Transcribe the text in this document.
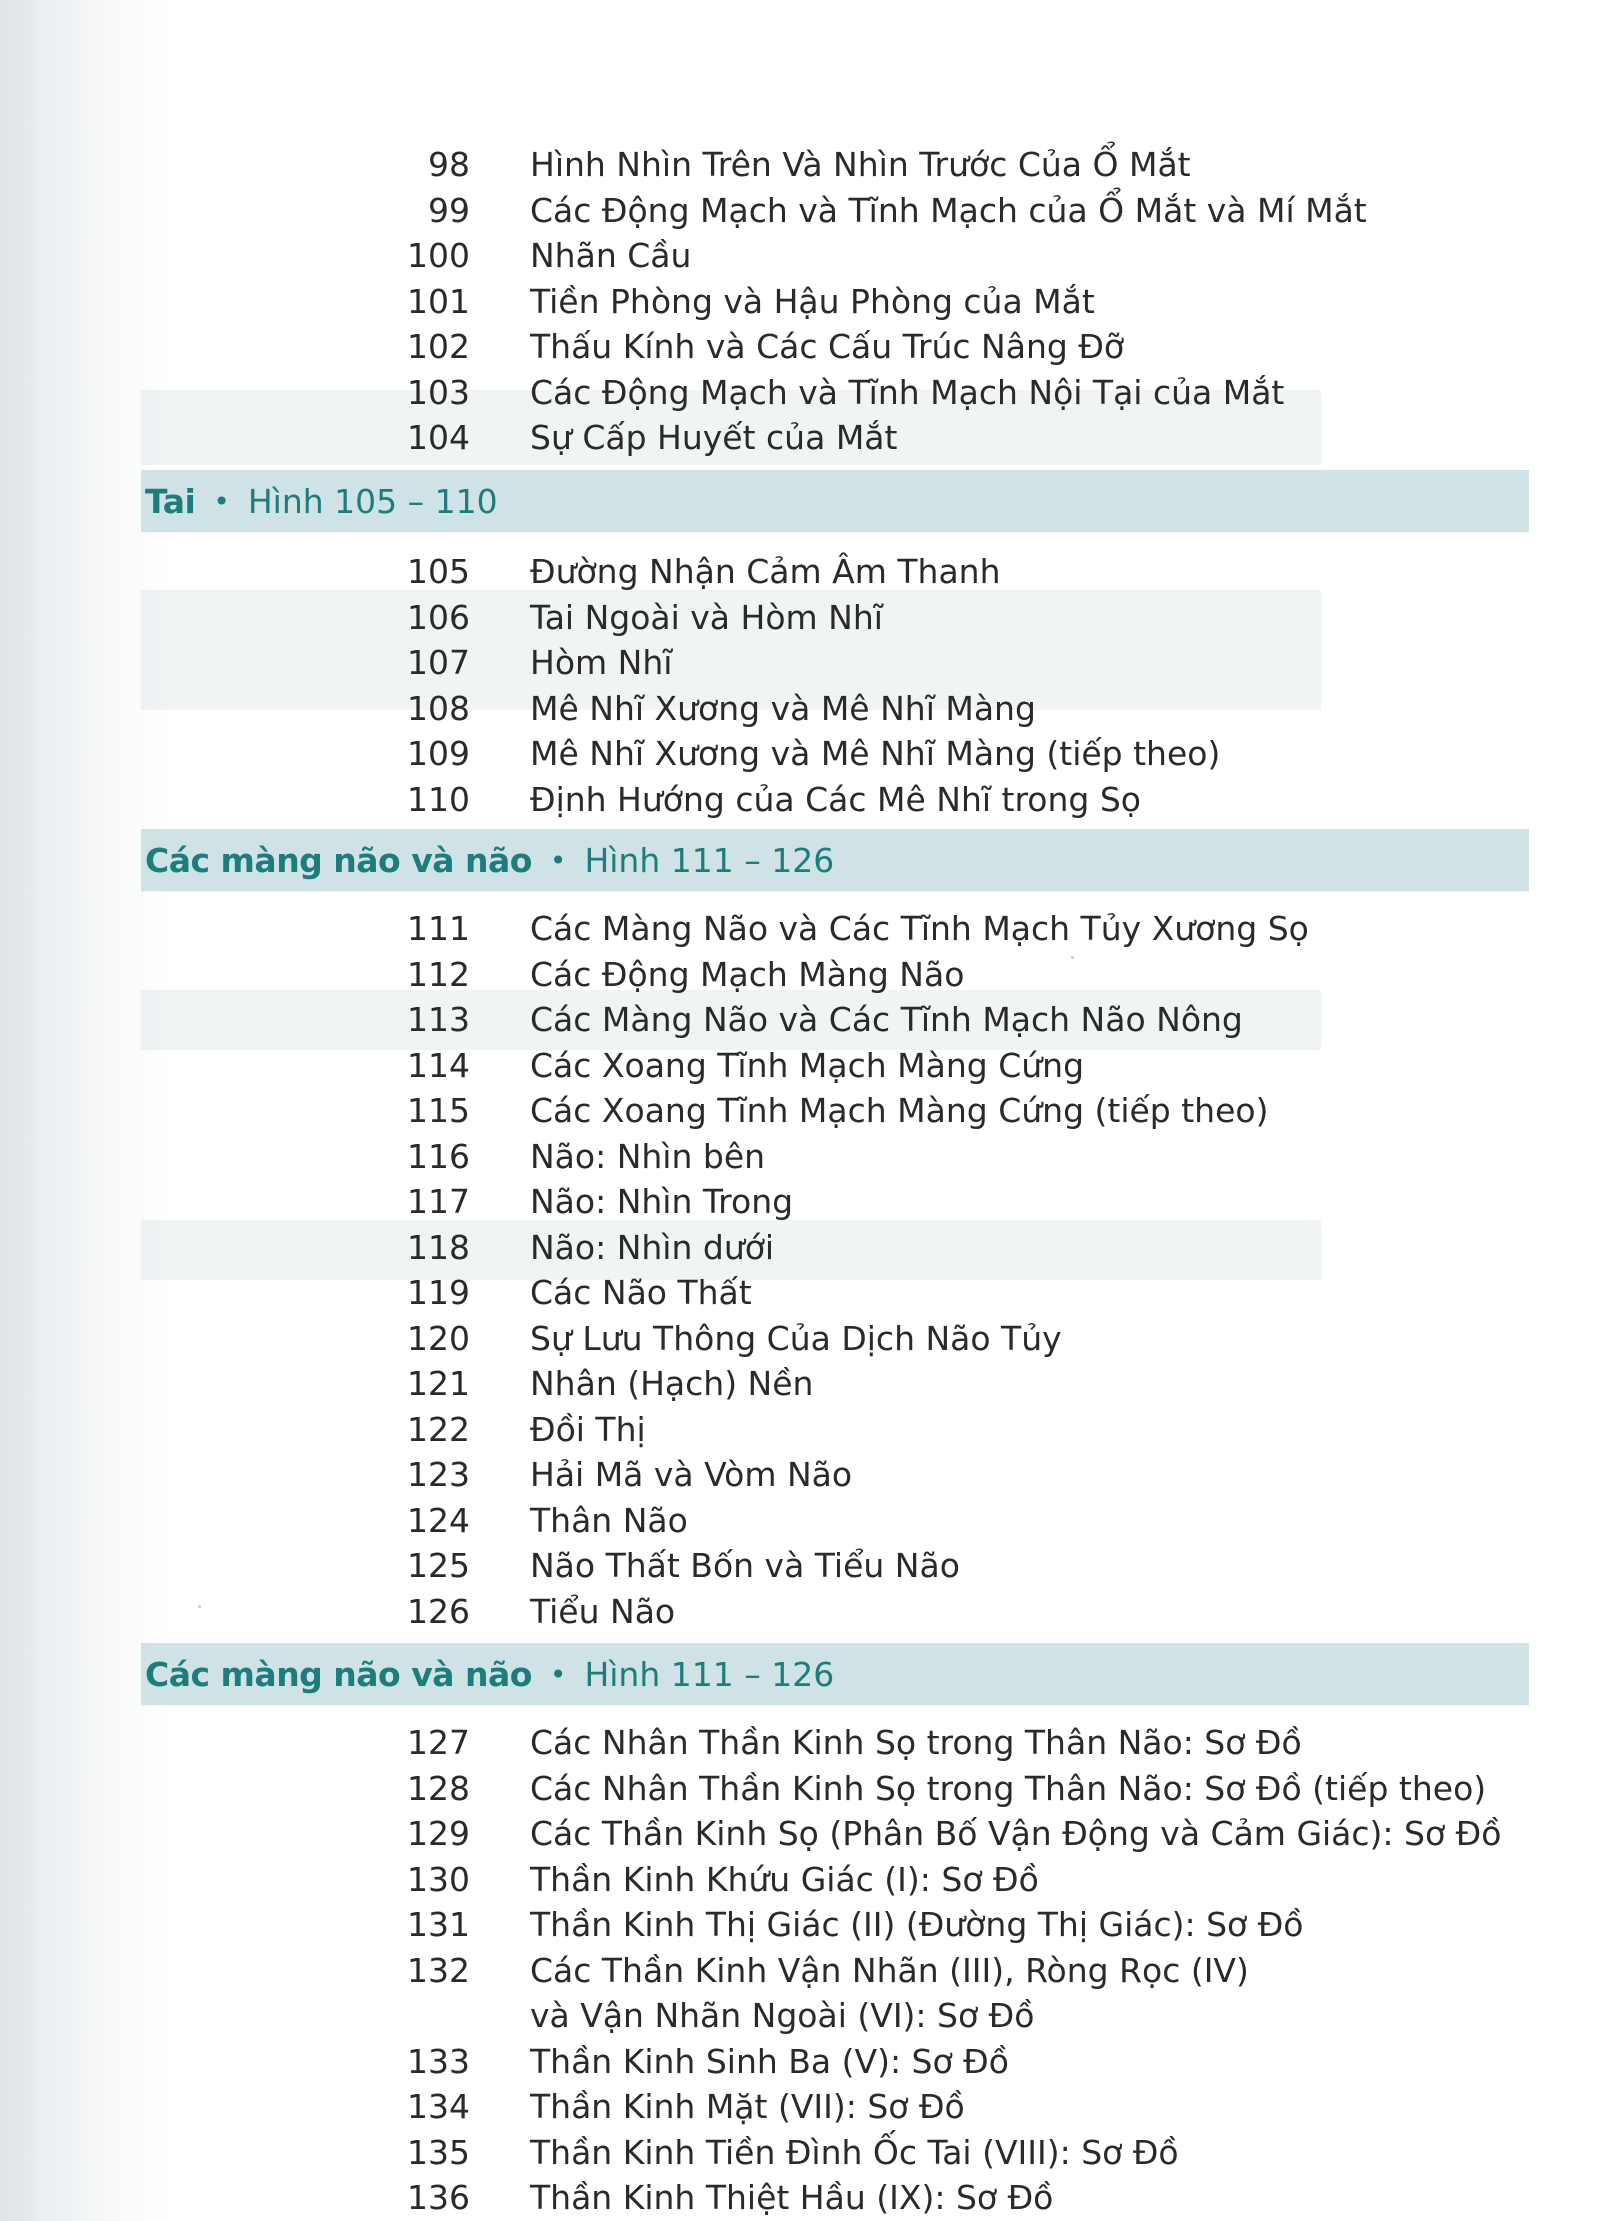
98 Hình Nhìn Trên Và Nhìn Trước Của Ổ Mắt
99 Các Động Mạch và Tĩnh Mạch của Ổ Mắt và Mí Mắt
100 Nhãn Cầu
101 Tiền Phòng và Hậu Phòng của Mắt
102 Thấu Kính và Các Cấu Trúc Nâng Đỡ
103 Các Động Mạch và Tĩnh Mạch Nội Tại của Mắt
104 Sự Cấp Huyết của Mắt
Tai • Hình 105 – 110
105 Đường Nhận Cảm Âm Thanh
106 Tai Ngoài và Hòm Nhĩ
107 Hòm Nhĩ
108 Mê Nhĩ Xương và Mê Nhĩ Màng
109 Mê Nhĩ Xương và Mê Nhĩ Màng (tiếp theo)
110 Định Hướng của Các Mê Nhĩ trong Sọ
Các màng não và não • Hình 111 – 126
111 Các Màng Não và Các Tĩnh Mạch Tủy Xương Sọ
112 Các Động Mạch Màng Não
113 Các Màng Não và Các Tĩnh Mạch Não Nông
114 Các Xoang Tĩnh Mạch Màng Cứng
115 Các Xoang Tĩnh Mạch Màng Cứng (tiếp theo)
116 Não: Nhìn bên
117 Não: Nhìn Trong
118 Não: Nhìn dưới
119 Các Não Thất
120 Sự Lưu Thông Của Dịch Não Tủy
121 Nhân (Hạch) Nền
122 Đồi Thị
123 Hải Mã và Vòm Não
124 Thân Não
125 Não Thất Bốn và Tiểu Não
126 Tiểu Não
Các màng não và não • Hình 111 – 126
127 Các Nhân Thần Kinh Sọ trong Thân Não: Sơ Đồ
128 Các Nhân Thần Kinh Sọ trong Thân Não: Sơ Đồ (tiếp theo)
129 Các Thần Kinh Sọ (Phân Bố Vận Động và Cảm Giác): Sơ Đồ
130 Thần Kinh Khứu Giác (I): Sơ Đồ
131 Thần Kinh Thị Giác (II) (Đường Thị Giác): Sơ Đồ
132 Các Thần Kinh Vận Nhãn (III), Ròng Rọc (IV)
và Vận Nhãn Ngoài (VI): Sơ Đồ
133 Thần Kinh Sinh Ba (V): Sơ Đồ
134 Thần Kinh Mặt (VII): Sơ Đồ
135 Thần Kinh Tiền Đình Ốc Tai (VIII): Sơ Đồ
136 Thần Kinh Thiệt Hầu (IX): Sơ Đồ
